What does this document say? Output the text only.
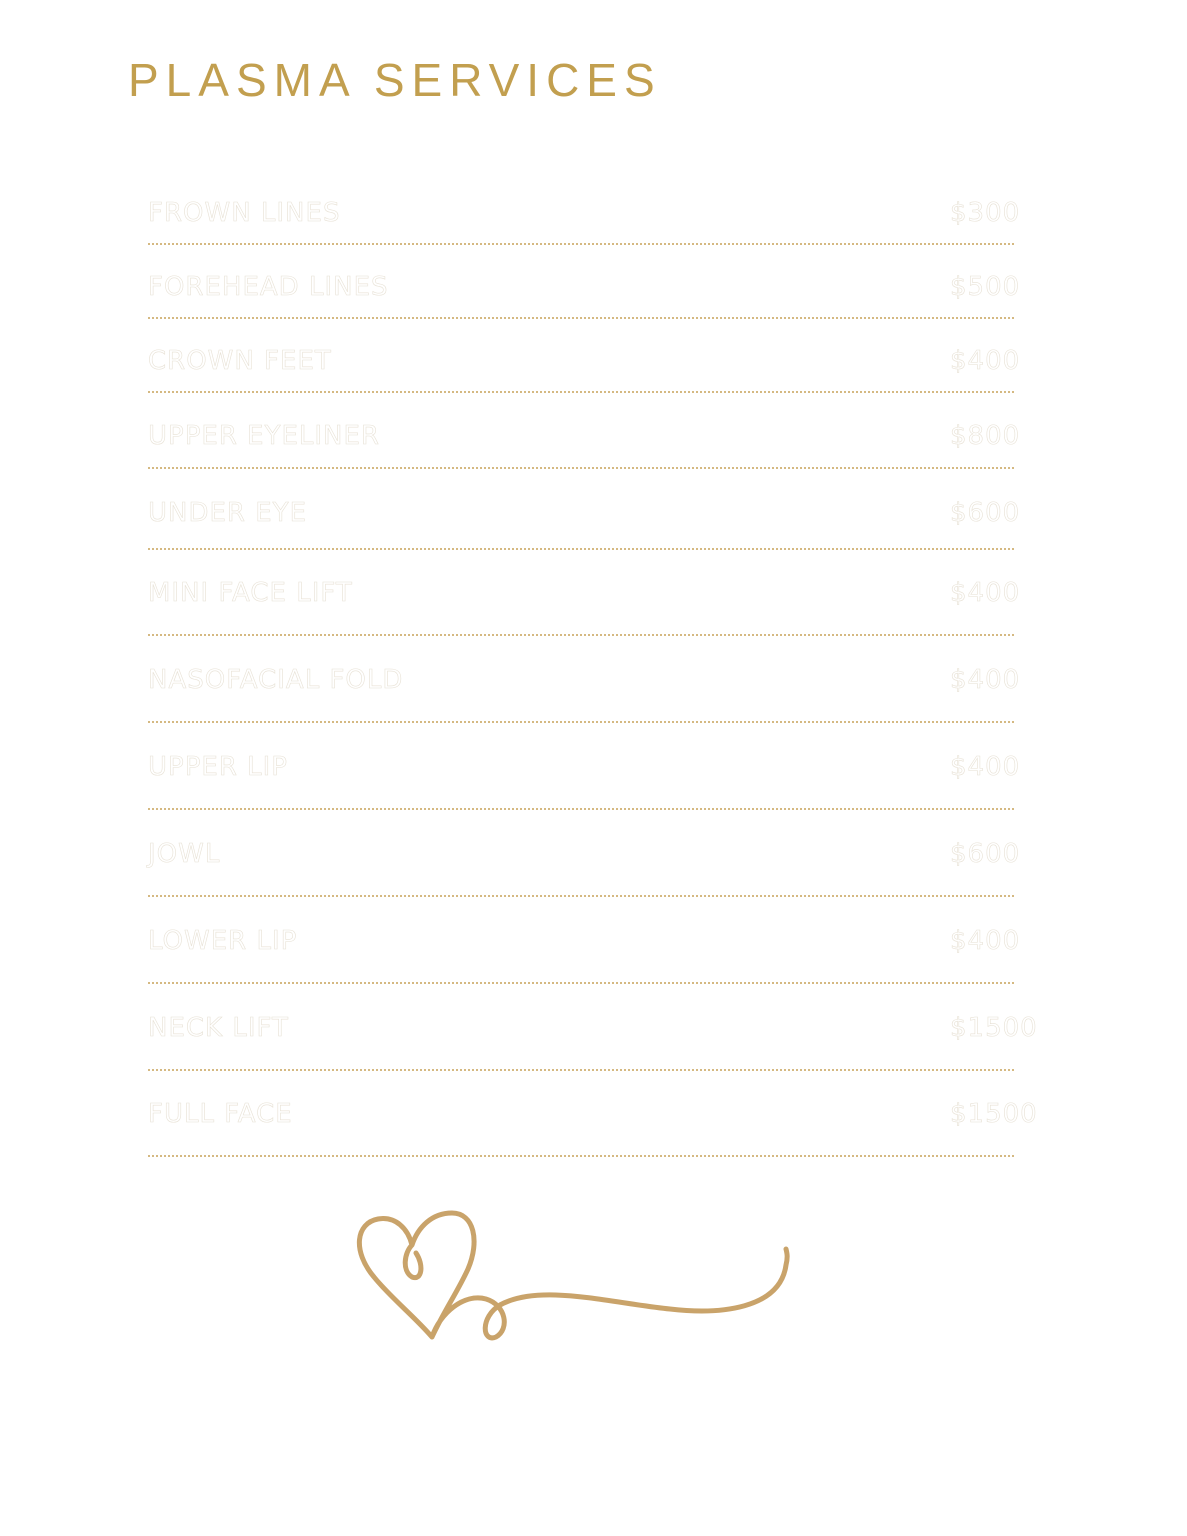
PLASMA SERVICES
FROWN LINES	$300
FOREHEAD LINES	$500
CROWN FEET	$400
UPPER EYELINER	$800
UNDER EYE	$600
MINI FACE LIFT	$400
NASOFACIAL FOLD	$400
UPPER LIP	$400
JOWL	$600
LOWER LIP	$400
NECK LIFT	$1500
FULL FACE	$1500
